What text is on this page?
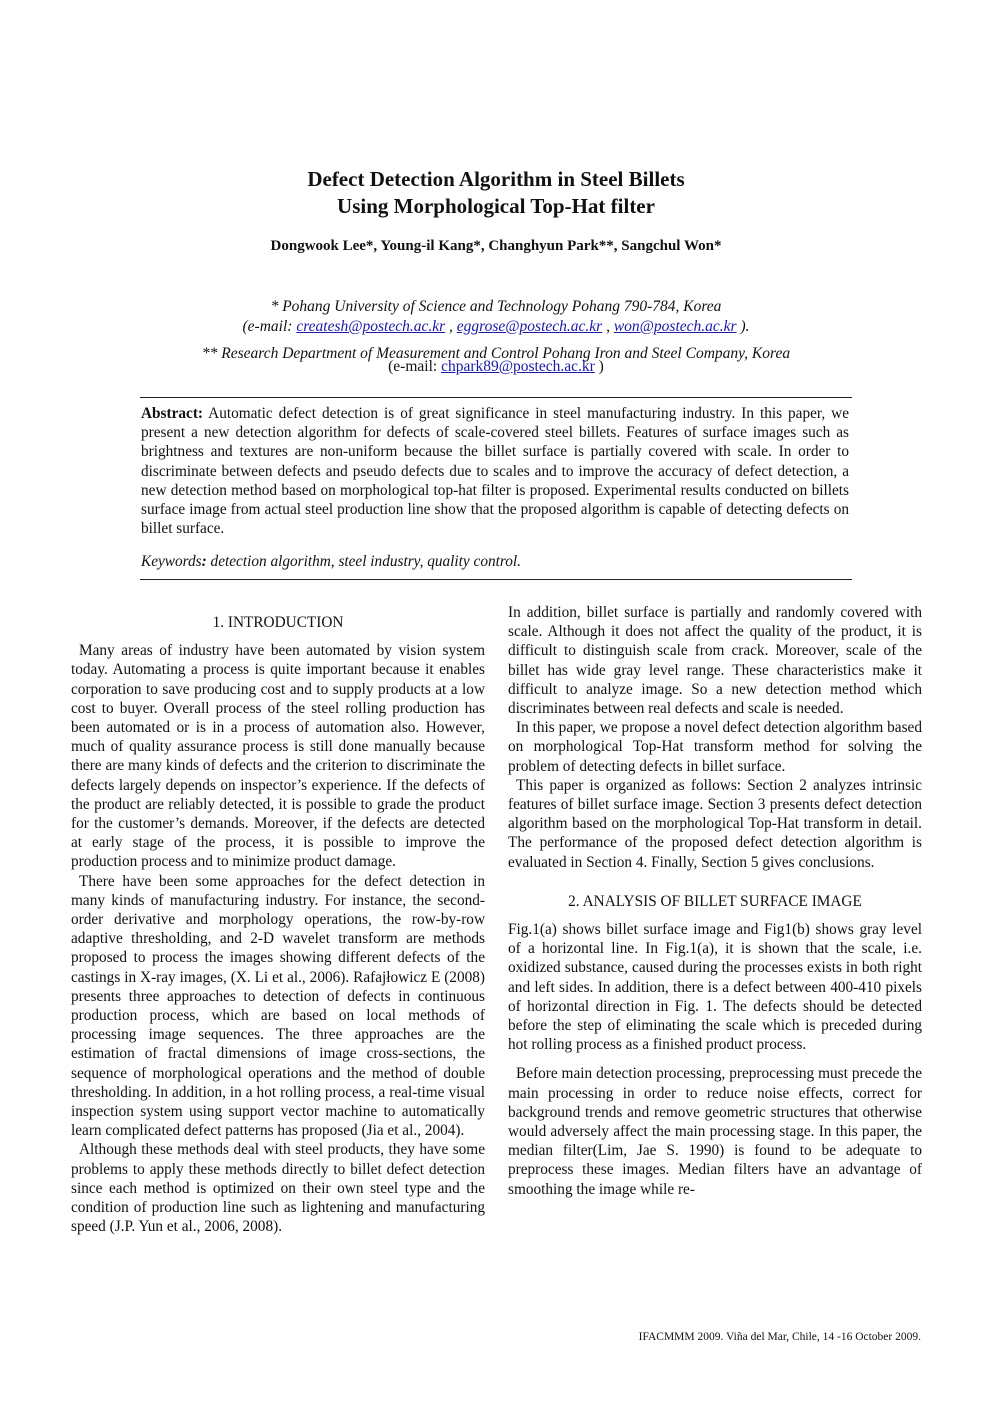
Defect Detection Algorithm in Steel Billets
Using Morphological Top-Hat filter
Dongwook Lee*, Young-il Kang*, Changhyun Park**, Sangchul Won*
* Pohang University of Science and Technology Pohang 790-784, Korea
(e-mail: createsh@postech.ac.kr , eggrose@postech.ac.kr , won@postech.ac.kr ).
** Research Department of Measurement and Control Pohang Iron and Steel Company, Korea
(e-mail: chpark89@postech.ac.kr )
Abstract: Automatic defect detection is of great significance in steel manufacturing industry. In this paper, we present a new detection algorithm for defects of scale-covered steel billets. Features of surface images such as brightness and textures are non-uniform because the billet surface is partially covered with scale. In order to discriminate between defects and pseudo defects due to scales and to improve the accuracy of defect detection, a new detection method based on morphological top-hat filter is proposed. Experimental results conducted on billets surface image from actual steel production line show that the proposed algorithm is capable of detecting defects on billet surface.
Keywords: detection algorithm, steel industry, quality control.
1. INTRODUCTION

Many areas of industry have been automated by vision system today. Automating a process is quite important because it enables corporation to save producing cost and to supply products at a low cost to buyer. Overall process of the steel rolling production has been automated or is in a process of automation also. However, much of quality assurance process is still done manually because there are many kinds of defects and the criterion to discriminate the defects largely depends on inspector’s experience. If the defects of the product are reliably detected, it is possible to grade the product for the customer’s demands. Moreover, if the defects are detected at early stage of the process, it is possible to improve the production process and to minimize product damage.

There have been some approaches for the defect detection in many kinds of manufacturing industry. For instance, the second-order derivative and morphology operations, the row-by-row adaptive thresholding, and 2-D wavelet transform are methods proposed to process the images showing different defects of the castings in X-ray images, (X. Li et al., 2006). Rafajłowicz E (2008) presents three approaches to detection of defects in continuous production process, which are based on local methods of processing image sequences. The three approaches are the estimation of fractal dimensions of image cross-sections, the sequence of morphological operations and the method of double thresholding. In addition, in a hot rolling process, a real-time visual inspection system using support vector machine to automatically learn complicated defect patterns has proposed (Jia et al., 2004).

Although these methods deal with steel products, they have some problems to apply these methods directly to billet defect detection since each method is optimized on their own steel type and the condition of production line such as lightening and manufacturing speed (J.P. Yun et al., 2006, 2008).

In addition, billet surface is partially and randomly covered with scale. Although it does not affect the quality of the product, it is difficult to distinguish scale from crack. Moreover, scale of the billet has wide gray level range. These characteristics make it difficult to analyze image. So a new detection method which discriminates between real defects and scale is needed.

In this paper, we propose a novel defect detection algorithm based on morphological Top-Hat transform method for solving the problem of detecting defects in billet surface.

This paper is organized as follows: Section 2 analyzes intrinsic features of billet surface image. Section 3 presents defect detection algorithm based on the morphological Top-Hat transform in detail. The performance of the proposed defect detection algorithm is evaluated in Section 4. Finally, Section 5 gives conclusions.

2. ANALYSIS OF BILLET SURFACE IMAGE

Fig.1(a) shows billet surface image and Fig1(b) shows gray level of a horizontal line. In Fig.1(a), it is shown that the scale, i.e. oxidized substance, caused during the processes exists in both right and left sides. In addition, there is a defect between 400-410 pixels of horizontal direction in Fig. 1. The defects should be detected before the step of eliminating the scale which is preceded during hot rolling process as a finished product process.

Before main detection processing, preprocessing must precede the main processing in order to reduce noise effects, correct for background trends and remove geometric structures that otherwise would adversely affect the main processing stage. In this paper, the median filter(Lim, Jae S. 1990) is found to be adequate to preprocess these images. Median filters have an advantage of smoothing the image while re-

IFACMMM 2009. Viña del Mar, Chile, 14 -16 October 2009.
